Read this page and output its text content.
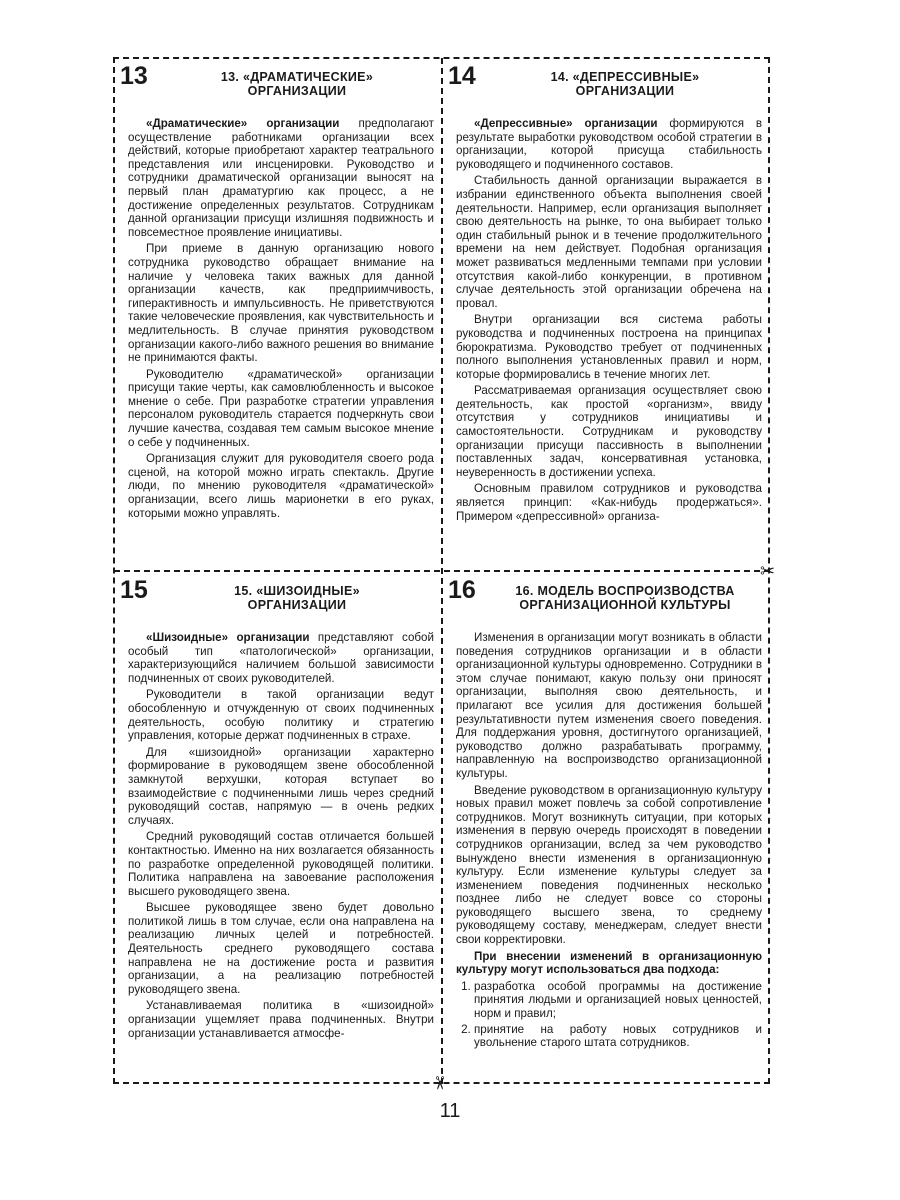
13	13. «ДРАМАТИЧЕСКИЕ»
ОРГАНИЗАЦИИ

«Драматические» организации предполагают осуществление работниками организации всех действий, которые приобретают характер театрального представления или инсценировки. Руководство и сотрудники драматической организации выносят на первый план драматургию как процесс, а не достижение определенных результатов. Сотрудникам данной организации присущи излишняя подвижность и повсеместное проявление инициативы.

При приеме в данную организацию нового сотрудника руководство обращает внимание на наличие у человека таких важных для данной организации качеств, как предприимчивость, гиперактивность и импульсивность. Не приветствуются такие человеческие проявления, как чувствительность и медлительность. В случае принятия руководством организации какого-либо важного решения во внимание не принимаются факты.

Руководителю «драматической» организации присущи такие черты, как самовлюбленность и высокое мнение о себе. При разработке стратегии управления персоналом руководитель старается подчеркнуть свои лучшие качества, создавая тем самым высокое мнение о себе у подчиненных.

Организация служит для руководителя своего рода сценой, на которой можно играть спектакль. Другие люди, по мнению руководителя «драматической» организации, всего лишь марионетки в его руках, которыми можно управлять.

14	14. «ДЕПРЕССИВНЫЕ»
ОРГАНИЗАЦИИ

«Депрессивные» организации формируются в результате выработки руководством особой стратегии в организации, которой присуща стабильность руководящего и подчиненного составов.

Стабильность данной организации выражается в избрании единственного объекта выполнения своей деятельности. Например, если организация выполняет свою деятельность на рынке, то она выбирает только один стабильный рынок и в течение продолжительного времени на нем действует. Подобная организация может развиваться медленными темпами при условии отсутствия какой-либо конкуренции, в противном случае деятельность этой организации обречена на провал.

Внутри организации вся система работы руководства и подчиненных построена на принципах бюрократизма. Руководство требует от подчиненных полного выполнения установленных правил и норм, которые формировались в течение многих лет.

Рассматриваемая организация осуществляет свою деятельность, как простой «организм», ввиду отсутствия у сотрудников инициативы и самостоятельности. Сотрудникам и руководству организации присущи пассивность в выполнении поставленных задач, консервативная установка, неуверенность в достижении успеха.

Основным правилом сотрудников и руководства является принцип: «Как-нибудь продержаться». Примером «депрессивной» организа-

15	15. «ШИЗОИДНЫЕ»
ОРГАНИЗАЦИИ

«Шизоидные» организации представляют собой особый тип «патологической» организации, характеризующийся наличием большой зависимости подчиненных от своих руководителей.

Руководители в такой организации ведут обособленную и отчужденную от своих подчиненных деятельность, особую политику и стратегию управления, которые держат подчиненных в страхе.

Для «шизоидной» организации характерно формирование в руководящем звене обособленной замкнутой верхушки, которая вступает во взаимодействие с подчиненными лишь через средний руководящий состав, напрямую — в очень редких случаях.

Средний руководящий состав отличается большей контактностью. Именно на них возлагается обязанность по разработке определенной руководящей политики. Политика направлена на завоевание расположения высшего руководящего звена.

Высшее руководящее звено будет довольно политикой лишь в том случае, если она направлена на реализацию личных целей и потребностей. Деятельность среднего руководящего состава направлена не на достижение роста и развития организации, а на реализацию потребностей руководящего звена.

Устанавливаемая политика в «шизоидной» организации ущемляет права подчиненных. Внутри организации устанавливается атмосфе-

16	16. МОДЕЛЬ ВОСПРОИЗВОДСТВА
ОРГАНИЗАЦИОННОЙ КУЛЬТУРЫ

Изменения в организации могут возникать в области поведения сотрудников организации и в области организационной культуры одновременно. Сотрудники в этом случае понимают, какую пользу они приносят организации, выполняя свою деятельность, и прилагают все усилия для достижения большей результативности путем изменения своего поведения. Для поддержания уровня, достигнутого организацией, руководство должно разрабатывать программу, направленную на воспроизводство организационной культуры.

Введение руководством в организационную культуру новых правил может повлечь за собой сопротивление сотрудников. Могут возникнуть ситуации, при которых изменения в первую очередь происходят в поведении сотрудников организации, вслед за чем руководство вынуждено внести изменения в организационную культуру. Если изменение культуры следует за изменением поведения подчиненных несколько позднее либо не следует вовсе со стороны руководящего высшего звена, то среднему руководящему составу, менеджерам, следует внести свои корректировки.

При внесении изменений в организационную культуру могут использоваться два подхода:

1. разработка особой программы на достижение принятия людьми и организацией новых ценностей, норм и правил;
2. принятие на работу новых сотрудников и увольнение старого штата сотрудников.
✂
✂
11
